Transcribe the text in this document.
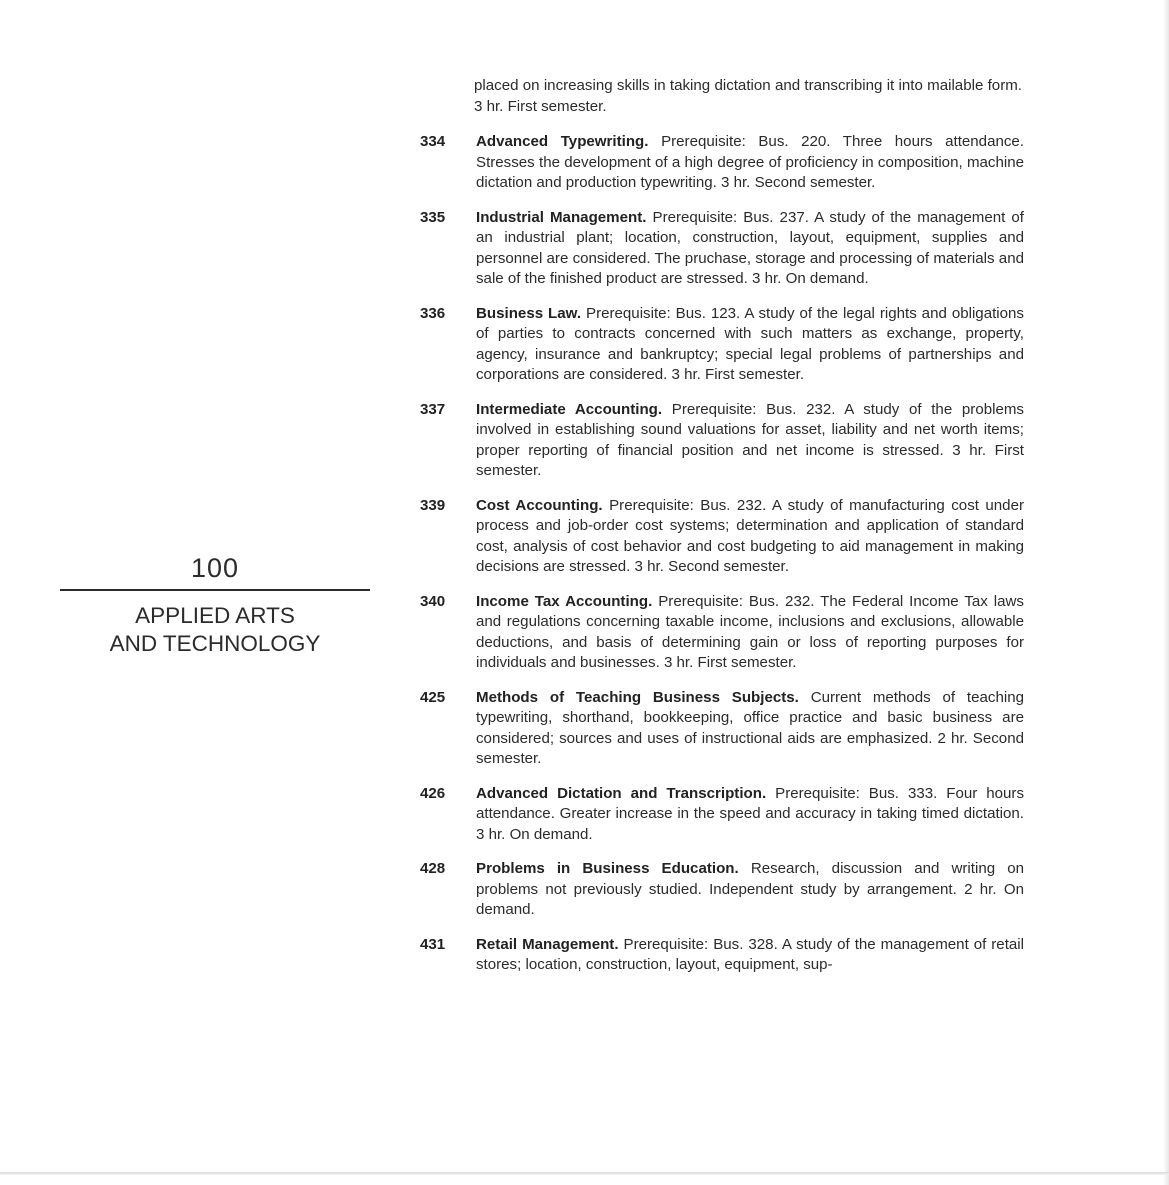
100
APPLIED ARTS
AND TECHNOLOGY
placed on increasing skills in taking dictation and transcribing it into mailable form. 3 hr. First semester.
334	Advanced Typewriting. Prerequisite: Bus. 220. Three hours attendance. Stresses the development of a high degree of proficiency in composition, machine dictation and production typewriting. 3 hr. Second semester.
335	Industrial Management. Prerequisite: Bus. 237. A study of the management of an industrial plant; location, construction, layout, equipment, supplies and personnel are considered. The pruchase, storage and processing of materials and sale of the finished product are stressed. 3 hr. On demand.
336	Business Law. Prerequisite: Bus. 123. A study of the legal rights and obligations of parties to contracts concerned with such matters as exchange, property, agency, insurance and bankruptcy; special legal problems of partnerships and corporations are considered. 3 hr. First semester.
337	Intermediate Accounting. Prerequisite: Bus. 232. A study of the problems involved in establishing sound valuations for asset, liability and net worth items; proper reporting of financial position and net income is stressed. 3 hr. First semester.
339	Cost Accounting. Prerequisite: Bus. 232. A study of manufacturing cost under process and job-order cost systems; determination and application of standard cost, analysis of cost behavior and cost budgeting to aid management in making decisions are stressed. 3 hr. Second semester.
340	Income Tax Accounting. Prerequisite: Bus. 232. The Federal Income Tax laws and regulations concerning taxable income, inclusions and exclusions, allowable deductions, and basis of determining gain or loss of reporting purposes for individuals and businesses. 3 hr. First semester.
425	Methods of Teaching Business Subjects. Current methods of teaching typewriting, shorthand, bookkeeping, office practice and basic business are considered; sources and uses of instructional aids are emphasized. 2 hr. Second semester.
426	Advanced Dictation and Transcription. Prerequisite: Bus. 333. Four hours attendance. Greater increase in the speed and accuracy in taking timed dictation. 3 hr. On demand.
428	Problems in Business Education. Research, discussion and writing on problems not previously studied. Independent study by arrangement. 2 hr. On demand.
431	Retail Management. Prerequisite: Bus. 328. A study of the management of retail stores; location, construction, layout, equipment, sup-
